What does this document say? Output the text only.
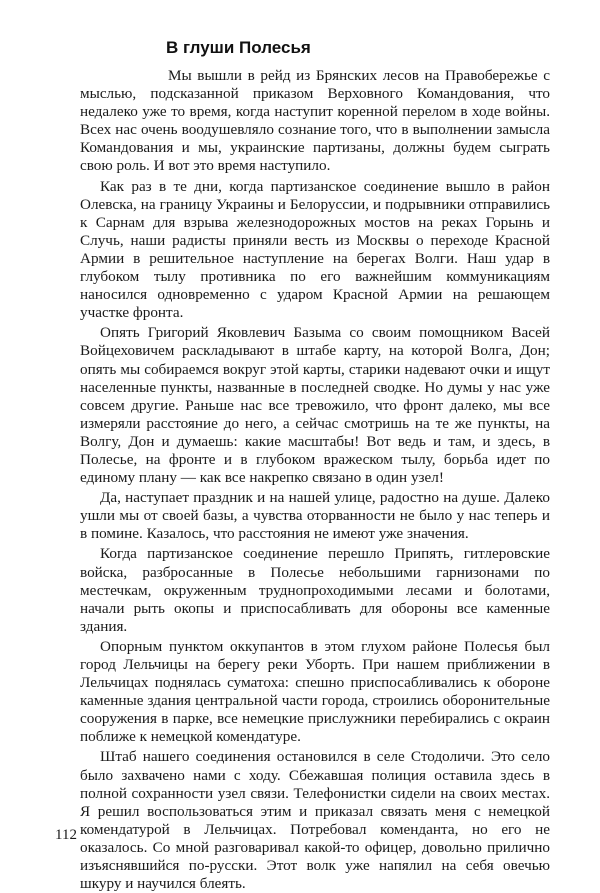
В глуши Полесья

Мы вышли в рейд из Брянских лесов на Правобережье с мыслью, подсказанной приказом Верховного Командования, что недалеко уже то время, когда наступит коренной перелом в ходе войны. Всех нас очень воодушевляло сознание того, что в выполнении замысла Командования и мы, украинские партизаны, должны будем сыграть свою роль. И вот это время наступило.

Как раз в те дни, когда партизанское соединение вышло в район Олевска, на границу Украины и Белоруссии, и подрывники отправились к Сарнам для взрыва железнодорожных мостов на реках Горынь и Случь, наши радисты приняли весть из Москвы о переходе Красной Армии в решительное наступление на берегах Волги. Наш удар в глубоком тылу противника по его важнейшим коммуникациям наносился одновременно с ударом Красной Армии на решающем участке фронта.

Опять Григорий Яковлевич Базыма со своим помощником Васей Войцеховичем раскладывают в штабе карту, на которой Волга, Дон; опять мы собираемся вокруг этой карты, старики надевают очки и ищут населенные пункты, названные в последней сводке. Но думы у нас уже совсем другие. Раньше нас все тревожило, что фронт далеко, мы все измеряли расстояние до него, а сейчас смотришь на те же пункты, на Волгу, Дон и думаешь: какие масштабы! Вот ведь и там, и здесь, в Полесье, на фронте и в глубоком вражеском тылу, борьба идет по единому плану — как все накрепко связано в один узел!

Да, наступает праздник и на нашей улице, радостно на душе. Далеко ушли мы от своей базы, а чувства оторванности не было у нас теперь и в помине. Казалось, что расстояния не имеют уже значения.

Когда партизанское соединение перешло Припять, гитлеровские войска, разбросанные в Полесье небольшими гарнизонами по местечкам, окруженным труднопроходимыми лесами и болотами, начали рыть окопы и приспосабливать для обороны все каменные здания.

Опорным пунктом оккупантов в этом глухом районе Полесья был город Лельчицы на берегу реки Уборть. При нашем приближении в Лельчицах поднялась суматоха: спешно приспосабливались к обороне каменные здания центральной части города, строились оборонительные сооружения в парке, все немецкие прислужники перебирались с окраин поближе к немецкой комендатуре.

Штаб нашего соединения остановился в селе Стодоличи. Это село было захвачено нами с ходу. Сбежавшая полиция оставила здесь в полной сохранности узел связи. Телефонистки сидели на своих местах. Я решил воспользоваться этим и приказал связать меня с немецкой комендатурой в Лельчицах. Потребовал коменданта, но его не оказалось. Со мной разговаривал какой-то офицер, довольно прилично изъяснявшийся по-русски. Этот волк уже напялил на себя овечью шкуру и научился блеять.

112
